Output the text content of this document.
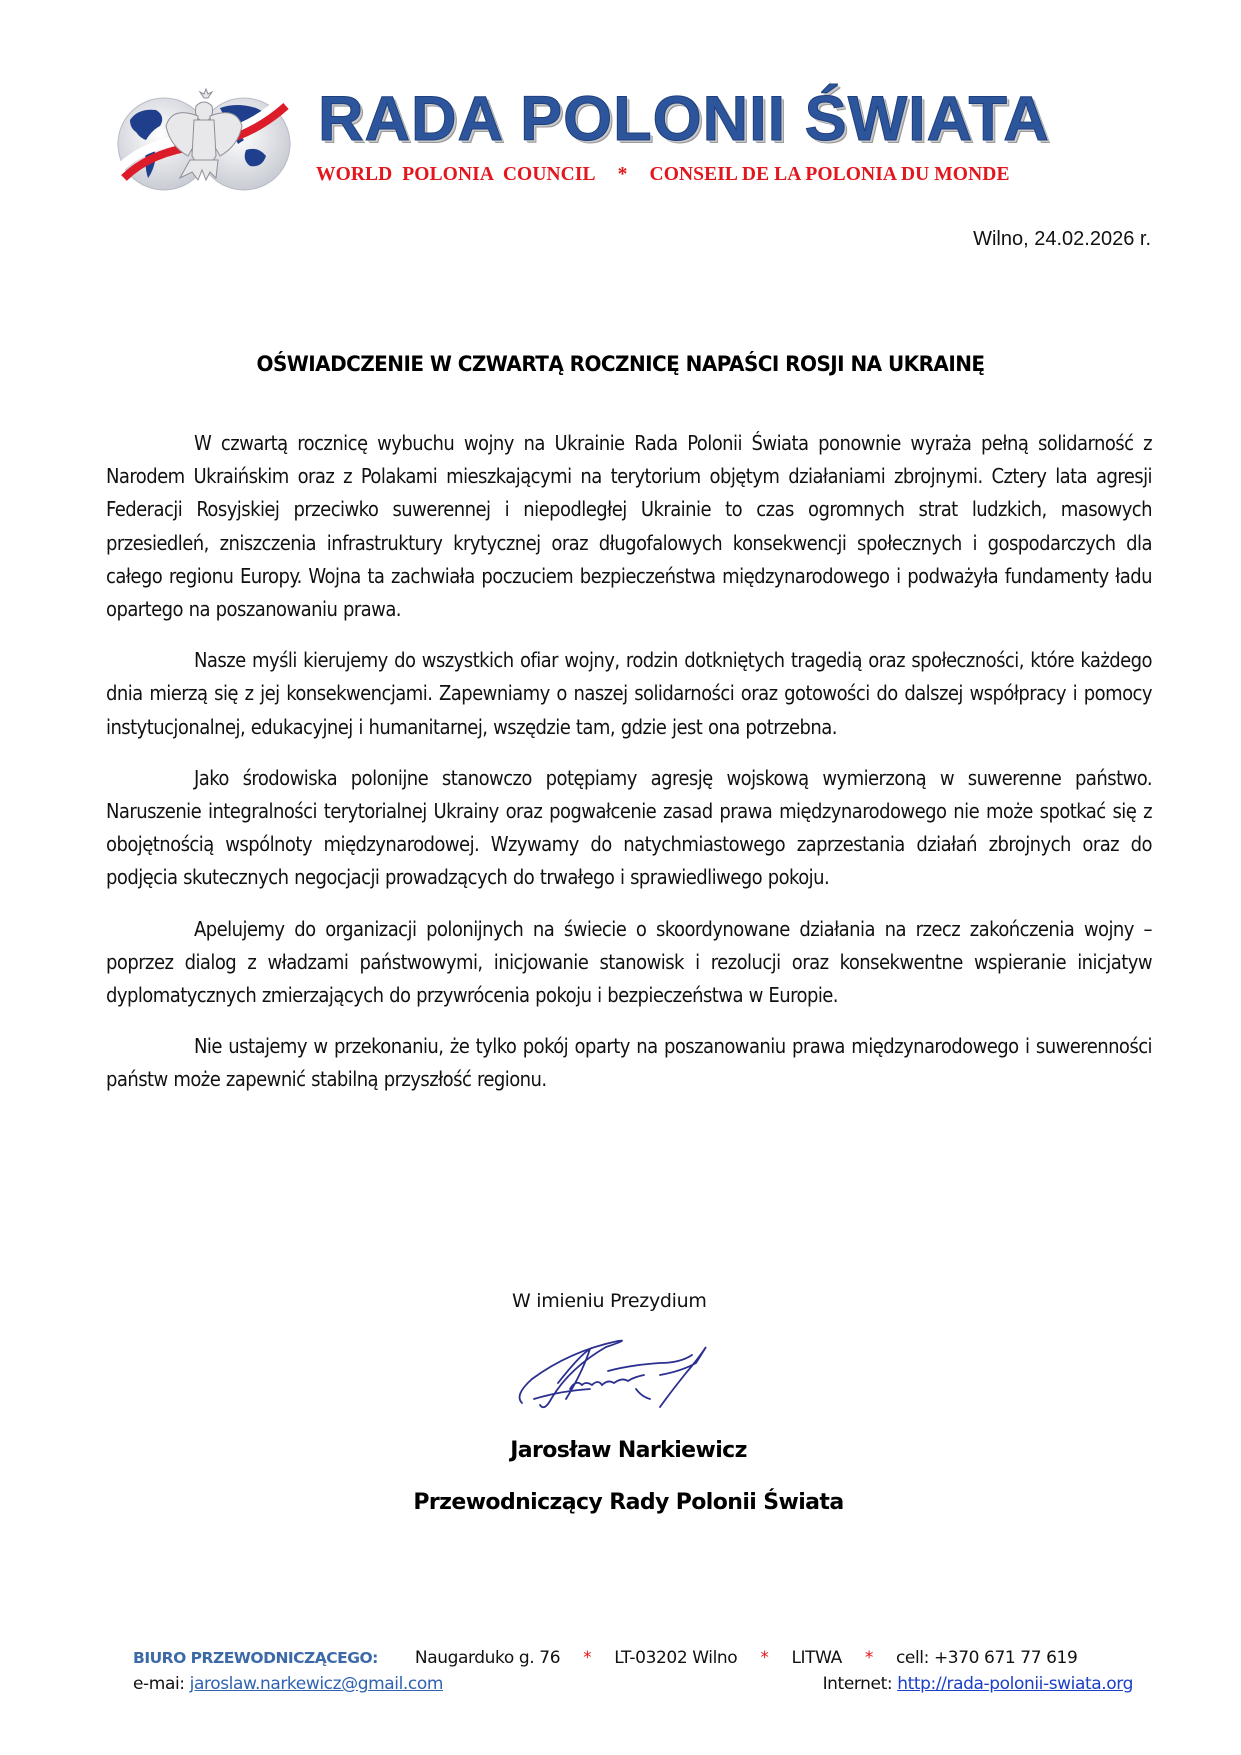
RADA POLONII ŚWIATA
WORLD  POLONIA  COUNCIL * CONSEIL DE LA POLONIA DU MONDE
Wilno, 24.02.2026 r.
OŚWIADCZENIE W CZWARTĄ ROCZNICĘ NAPAŚCI ROSJI NA UKRAINĘ

W czwartą rocznicę wybuchu wojny na Ukrainie Rada Polonii Świata ponownie wyraża pełną solidarność z Narodem Ukraińskim oraz z Polakami mieszkającymi na terytorium objętym działaniami zbrojnymi. Cztery lata agresji Federacji Rosyjskiej przeciwko suwerennej i niepodległej Ukrainie to czas ogromnych strat ludzkich, masowych przesiedleń, zniszczenia infrastruktury krytycznej oraz długofalowych konsekwencji społecznych i gospodarczych dla całego regionu Europy. Wojna ta zachwiała poczuciem bezpieczeństwa międzynarodowego i podważyła fundamenty ładu opartego na poszanowaniu prawa.

Nasze myśli kierujemy do wszystkich ofiar wojny, rodzin dotkniętych tragedią oraz społeczności, które każdego dnia mierzą się z jej konsekwencjami. Zapewniamy o naszej solidarności oraz gotowości do dalszej współpracy i pomocy instytucjonalnej, edukacyjnej i humanitarnej, wszędzie tam, gdzie jest ona potrzebna.

Jako środowiska polonijne stanowczo potępiamy agresję wojskową wymierzoną w suwerenne państwo. Naruszenie integralności terytorialnej Ukrainy oraz pogwałcenie zasad prawa międzynarodowego nie może spotkać się z obojętnością wspólnoty międzynarodowej. Wzywamy do natychmiastowego zaprzestania działań zbrojnych oraz do podjęcia skutecznych negocjacji prowadzących do trwałego i sprawiedliwego pokoju.

Apelujemy do organizacji polonijnych na świecie o skoordynowane działania na rzecz zakończenia wojny – poprzez dialog z władzami państwowymi, inicjowanie stanowisk i rezolucji oraz konsekwentne wspieranie inicjatyw dyplomatycznych zmierzających do przywrócenia pokoju i bezpieczeństwa w Europie.

Nie ustajemy w przekonaniu, że tylko pokój oparty na poszanowaniu prawa międzynarodowego i suwerenności państw może zapewnić stabilną przyszłość regionu.

W imieniu Prezydium
Jarosław Narkiewicz
Przewodniczący Rady Polonii Świata
BIURO PRZEWODNICZĄCEGO: Naugarduko g. 76 * LT-03202 Wilno * LITWA * cell: +370 671 77 619
e-mai: jaroslaw.narkewicz@gmail.com	Internet: http://rada-polonii-swiata.org
